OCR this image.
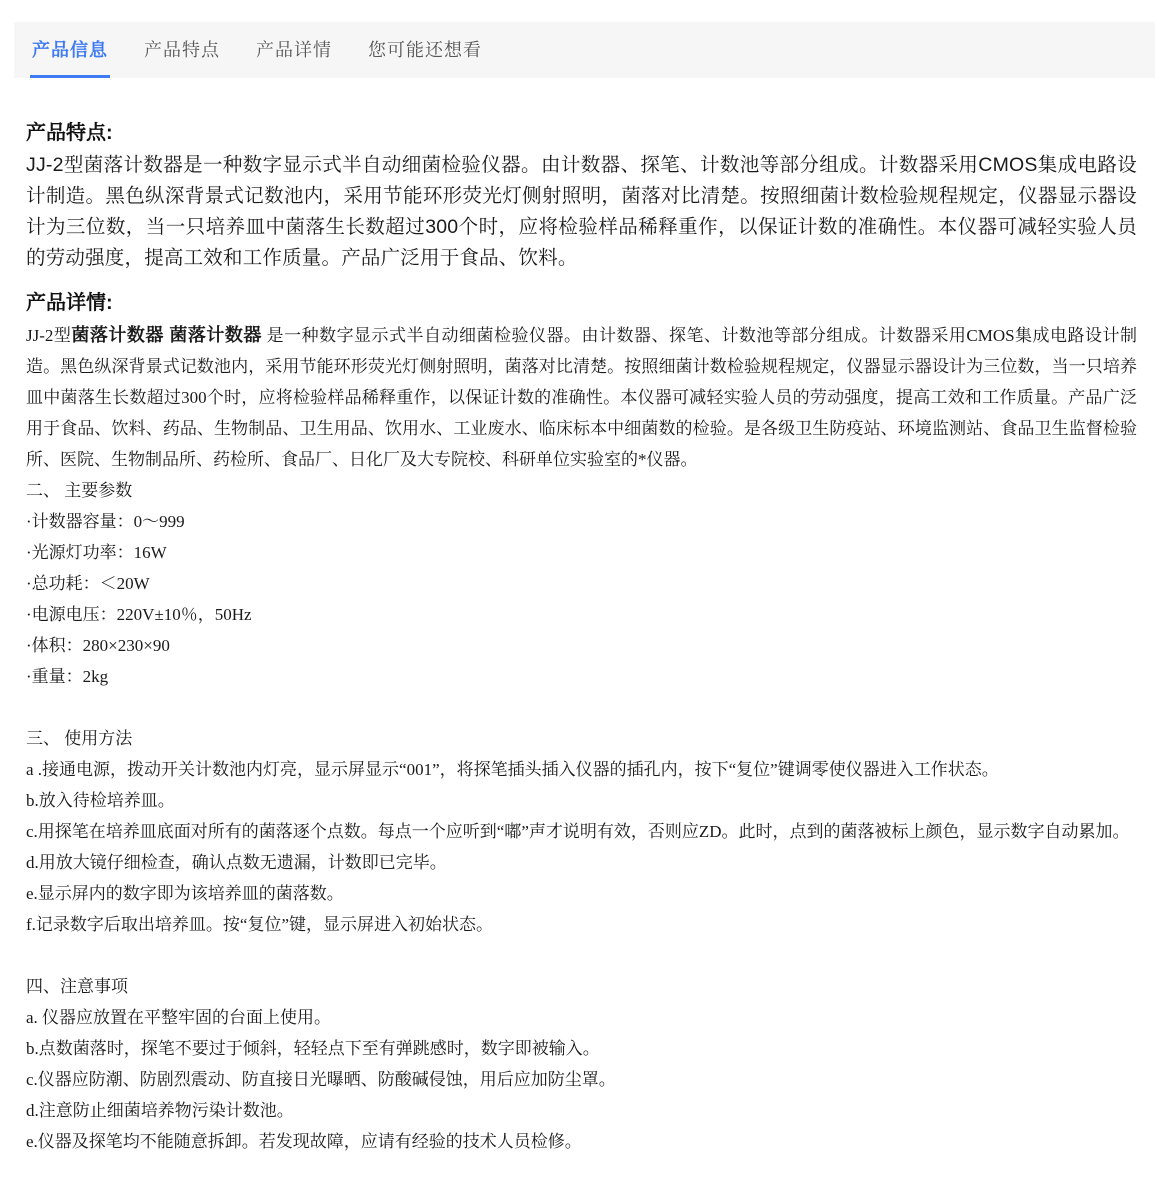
产品信息 产品特点 产品详情 您可能还想看
产品特点:

JJ-2型菌落计数器是一种数字显示式半自动细菌检验仪器。由计数器、探笔、计数池等部分组成。计数器采用CMOS集成电路设计制造。黑色纵深背景式记数池内，采用节能环形荧光灯侧射照明，菌落对比清楚。按照细菌计数检验规程规定，仪器显示器设计为三位数，当一只培养皿中菌落生长数超过300个时，应将检验样品稀释重作，以保证计数的准确性。本仪器可减轻实验人员的劳动强度，提高工效和工作质量。产品广泛用于食品、饮料。

产品详情:

JJ-2型菌落计数器 菌落计数器 是一种数字显示式半自动细菌检验仪器。由计数器、探笔、计数池等部分组成。计数器采用CMOS集成电路设计制造。黑色纵深背景式记数池内，采用节能环形荧光灯侧射照明，菌落对比清楚。按照细菌计数检验规程规定，仪器显示器设计为三位数，当一只培养皿中菌落生长数超过300个时，应将检验样品稀释重作，以保证计数的准确性。本仪器可减轻实验人员的劳动强度，提高工效和工作质量。产品广泛用于食品、饮料、药品、生物制品、卫生用品、饮用水、工业废水、临床标本中细菌数的检验。是各级卫生防疫站、环境监测站、食品卫生监督检验所、医院、生物制品所、药检所、食品厂、日化厂及大专院校、科研单位实验室的*仪器。

二、 主要参数
·计数器容量：0～999
·光源灯功率：16W
·总功耗：＜20W
·电源电压：220V±10％，50Hz
·体积：280×230×90
·重量：2kg
三、 使用方法
a .接通电源，拨动开关计数池内灯亮，显示屏显示“001”，将探笔插头插入仪器的插孔内，按下“复位”键调零使仪器进入工作状态。
b.放入待检培养皿。
c.用探笔在培养皿底面对所有的菌落逐个点数。每点一个应听到“嘟”声才说明有效，否则应ZD。此时，点到的菌落被标上颜色，显示数字自动累加。
d.用放大镜仔细检查，确认点数无遗漏，计数即已完毕。
e.显示屏内的数字即为该培养皿的菌落数。
f.记录数字后取出培养皿。按“复位”键，显示屏进入初始状态。
四、注意事项
a. 仪器应放置在平整牢固的台面上使用。
b.点数菌落时，探笔不要过于倾斜，轻轻点下至有弹跳感时，数字即被输入。
c.仪器应防潮、防剧烈震动、防直接日光曝晒、防酸碱侵蚀，用后应加防尘罩。
d.注意防止细菌培养物污染计数池。
e.仪器及探笔均不能随意拆卸。若发现故障，应请有经验的技术人员检修。
